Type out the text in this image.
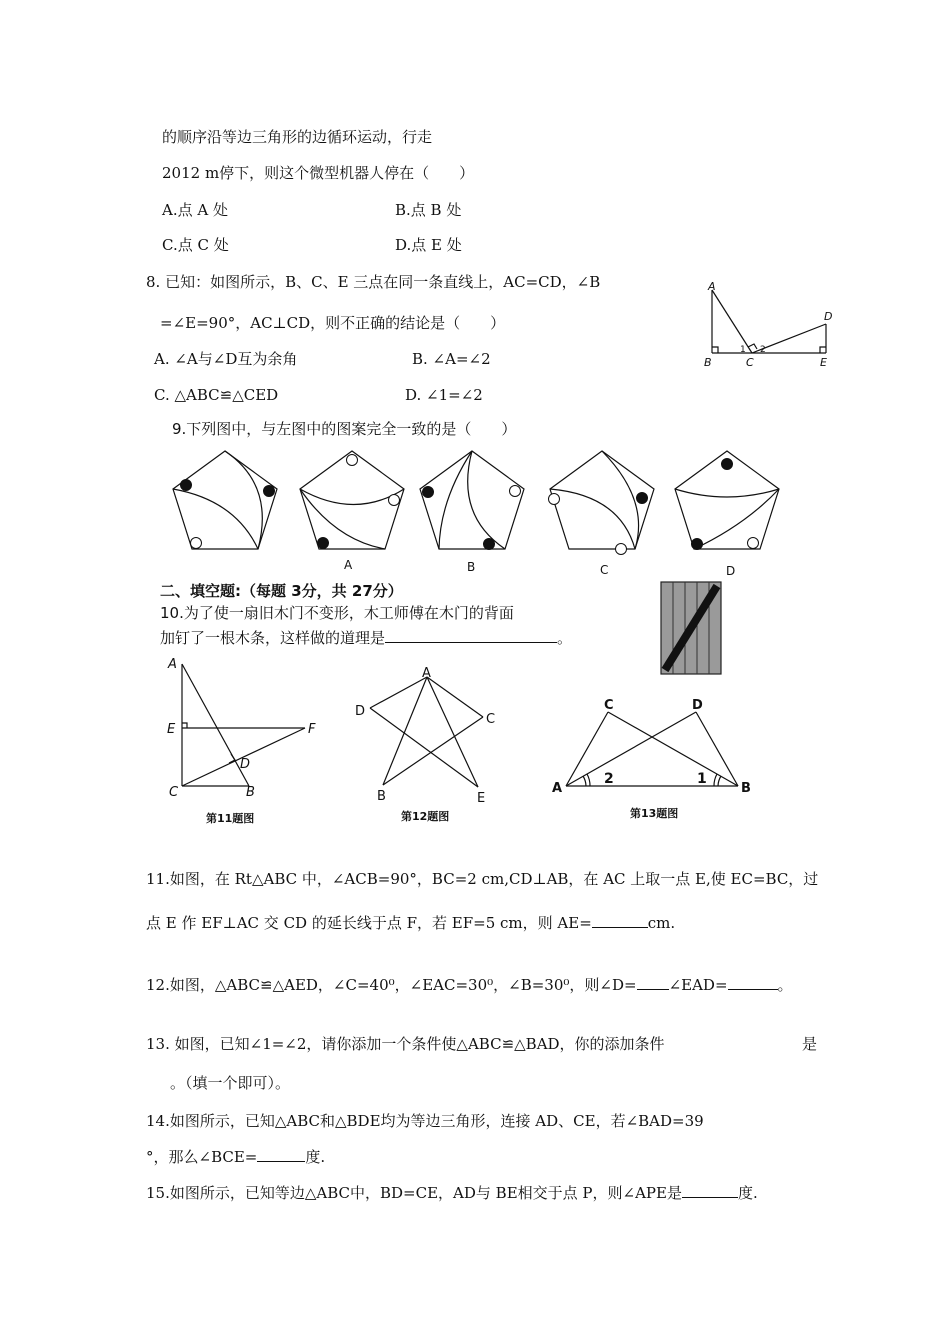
的顺序沿等边三角形的边循环运动，行走
2012 m停下，则这个微型机器人停在（　　）
A.点 A 处	B.点 B 处
C.点 C 处	D.点 E 处
8. 已知：如图所示，B、C、E 三点在同一条直线上，AC=CD，∠B
=∠E=90°，AC⊥CD，则不正确的结论是（　　）
A. ∠A与∠D互为余角	B. ∠A=∠2
C. △ABC≌△CED	D. ∠1=∠2
A
B	C
D
E
1 2
9.下列图中，与左图中的图案完全一致的是（　　）
A	B	C	D
二、填空题:（每题 3分，共 27分）
10.为了使一扇旧木门不变形，木工师傅在木门的背面
加钉了一根木条，这样做的道理是	。
A
E	F
D
C	B
第11题图
A
D
C
B	E
第12题图
C	D
A	B
2	1
第13题图
11.如图，在 Rt△ABC 中，∠ACB=90°，BC=2 cm,CD⊥AB，在 AC 上取一点 E,使 EC=BC，过
点 E 作 EF⊥AC 交 CD 的延长线于点 F，若 EF=5 cm，则 AE=	cm.
12.如图，△ABC≌△AED，∠C=40⁰，∠EAC=30⁰，∠B=30⁰，则∠D= ∠EAD=	。
13. 如图，已知∠1=∠2，请你添加一个条件使△ABC≌△BAD，你的添加条件	是
。（填一个即可）。
14.如图所示，已知△ABC和△BDE均为等边三角形，连接 AD、CE，若∠BAD=39
°，那么∠BCE=	度.
15.如图所示，已知等边△ABC中，BD=CE，AD与 BE相交于点 P，则∠APE是	度.
